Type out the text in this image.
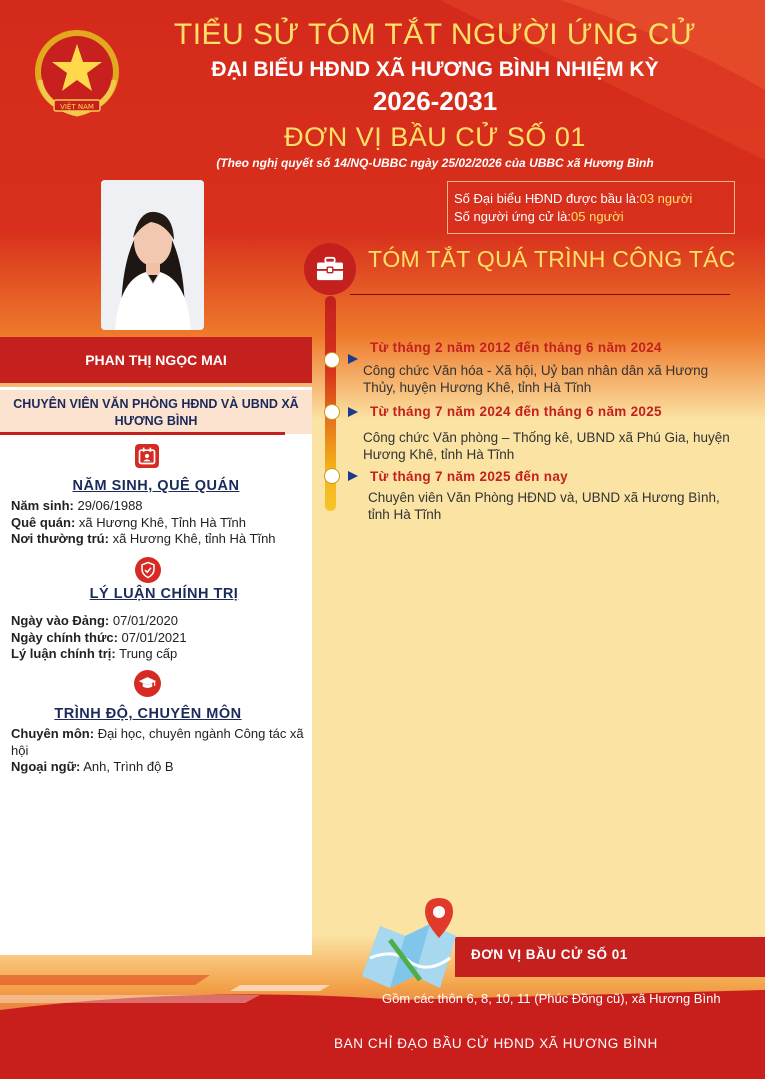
VIỆT NAM
TIỂU SỬ TÓM TẮT NGƯỜI ỨNG CỬ
ĐẠI BIỂU HĐND XÃ HƯƠNG BÌNH NHIỆM KỲ
2026-2031
ĐƠN VỊ BẦU CỬ SỐ 01
(Theo nghị quyết số 14/NQ-UBBC ngày 25/02/2026 của UBBC xã Hương Bình
Số Đại biểu HĐND được bầu là:03 người
Số người ứng cử là:05 người
PHAN THỊ NGỌC MAI
CHUYÊN VIÊN VĂN PHÒNG HĐND VÀ UBND XÃ HƯƠNG BÌNH
NĂM SINH, QUÊ QUÁN
Năm sinh: 29/06/1988
Quê quán: xã Hương Khê, Tỉnh Hà Tĩnh
Nơi thường trú: xã Hương Khê, tỉnh Hà Tĩnh
LÝ LUẬN CHÍNH TRỊ
Ngày vào Đảng: 07/01/2020
Ngày chính thức: 07/01/2021
Lý luận chính trị: Trung cấp
TRÌNH ĐỘ, CHUYÊN MÔN
Chuyên môn: Đại học, chuyên ngành Công tác xã hội
Ngoại ngữ: Anh, Trình độ B
TÓM TẮT QUÁ TRÌNH CÔNG TÁC
Từ tháng 2 năm 2012 đến tháng 6 năm 2024
Công chức Văn hóa - Xã hội, Uỷ ban nhân dân xã Hương Thủy, huyện Hương Khê, tỉnh Hà Tĩnh
Từ tháng 7 năm 2024 đến tháng 6 năm 2025
Công chức Văn phòng – Thống kê, UBND xã Phú Gia, huyện Hương Khê, tỉnh Hà Tĩnh
Từ tháng 7 năm 2025 đến nay
Chuyên viên Văn Phòng HĐND và, UBND xã Hương Bình, tỉnh Hà Tĩnh
ĐƠN VỊ BẦU CỬ SỐ 01
Gồm các thôn 6, 8, 10, 11 (Phúc Đồng cũ), xã Hương Bình
BAN CHỈ ĐẠO BẦU CỬ HĐND XÃ HƯƠNG BÌNH
